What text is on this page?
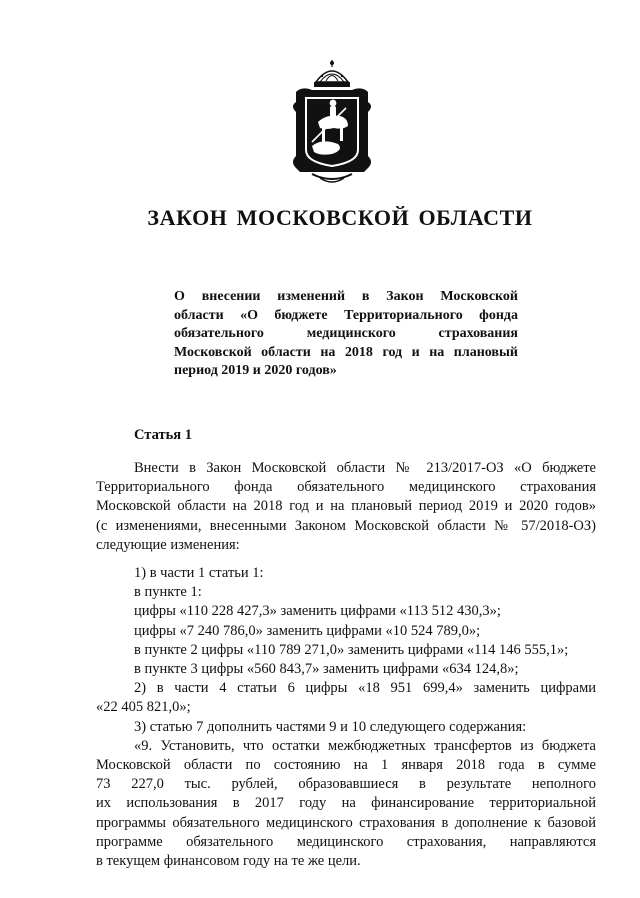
ЗАКОН МОСКОВСКОЙ ОБЛАСТИ
О внесении изменений в Закон Московской
области «О бюджете Территориального фонда
обязательного медицинского страхования
Московской области на 2018 год и на плановый
период 2019 и 2020 годов»
Статья 1
Внести в Закон Московской области № 213/2017-ОЗ «О бюджете
Территориального фонда обязательного медицинского страхования
Московской области на 2018 год и на плановый период 2019 и 2020 годов»
(с изменениями, внесенными Законом Московской области № 57/2018-ОЗ)
следующие изменения:
1) в части 1 статьи 1:
в пункте 1:
цифры «110 228 427,3» заменить цифрами «113 512 430,3»;
цифры «7 240 786,0» заменить цифрами «10 524 789,0»;
в пункте 2 цифры «110 789 271,0» заменить цифрами «114 146 555,1»;
в пункте 3 цифры «560 843,7» заменить цифрами «634 124,8»;
2) в части 4 статьи 6 цифры «18 951 699,4» заменить цифрами
«22 405 821,0»;
3) статью 7 дополнить частями 9 и 10 следующего содержания:
«9. Установить, что остатки межбюджетных трансфертов из бюджета
Московской области по состоянию на 1 января 2018 года в сумме
73 227,0 тыс. рублей, образовавшиеся в результате неполного
их использования в 2017 году на финансирование территориальной
программы обязательного медицинского страхования в дополнение к базовой
программе обязательного медицинского страхования, направляются
в текущем финансовом году на те же цели.
